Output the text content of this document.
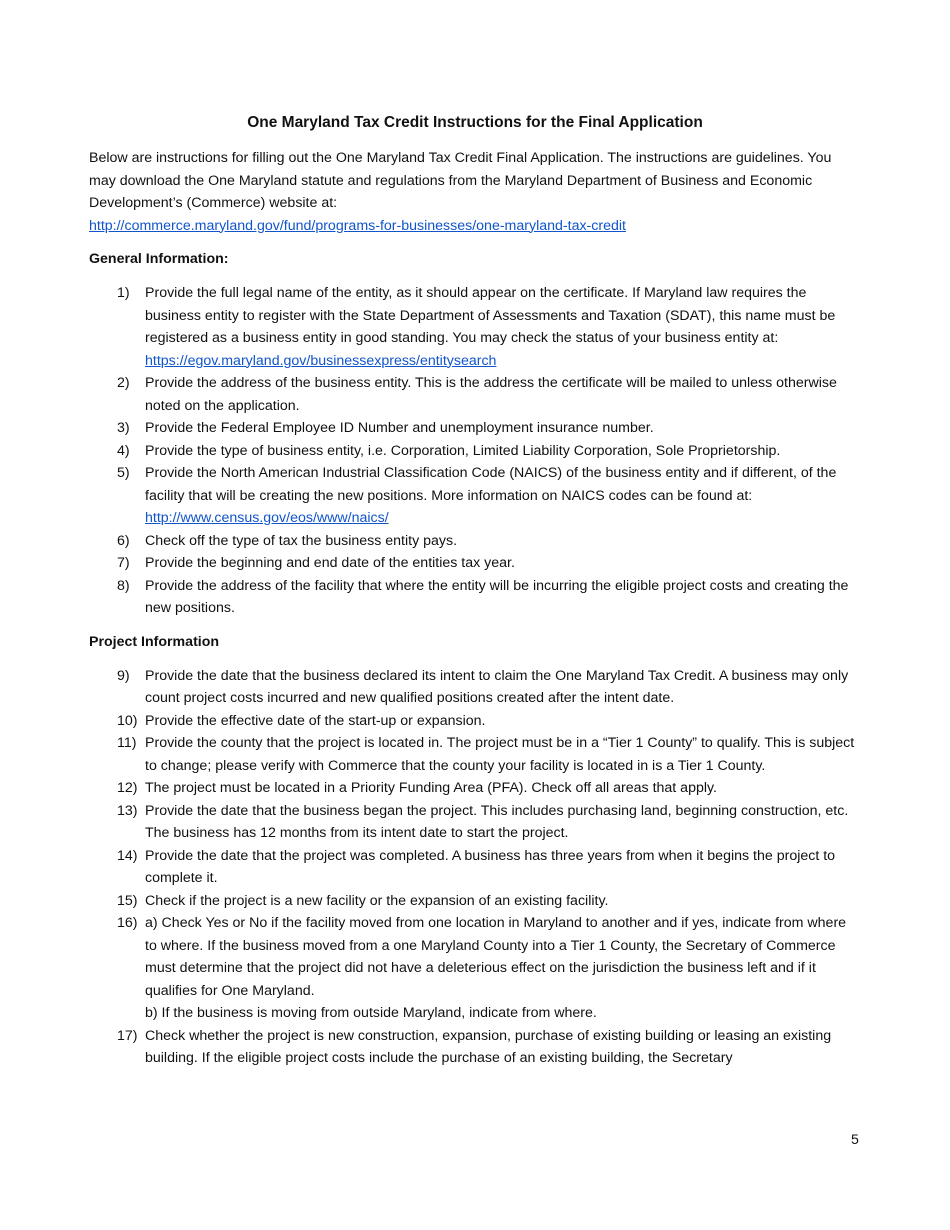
One Maryland Tax Credit Instructions for the Final Application

Below are instructions for filling out the One Maryland Tax Credit Final Application. The instructions are guidelines. You may download the One Maryland statute and regulations from the Maryland Department of Business and Economic Development’s (Commerce) website at:
http://commerce.maryland.gov/fund/programs-for-businesses/one-maryland-tax-credit

General Information:
1) Provide the full legal name of the entity, as it should appear on the certificate. If Maryland law requires the business entity to register with the State Department of Assessments and Taxation (SDAT), this name must be registered as a business entity in good standing. You may check the status of your business entity at: https://egov.maryland.gov/businessexpress/entitysearch
2) Provide the address of the business entity. This is the address the certificate will be mailed to unless otherwise noted on the application.
3) Provide the Federal Employee ID Number and unemployment insurance number.
4) Provide the type of business entity, i.e. Corporation, Limited Liability Corporation, Sole Proprietorship.
5) Provide the North American Industrial Classification Code (NAICS) of the business entity and if different, of the facility that will be creating the new positions. More information on NAICS codes can be found at: http://www.census.gov/eos/www/naics/
6) Check off the type of tax the business entity pays.
7) Provide the beginning and end date of the entities tax year.
8) Provide the address of the facility that where the entity will be incurring the eligible project costs and creating the new positions.
Project Information
9) Provide the date that the business declared its intent to claim the One Maryland Tax Credit. A business may only count project costs incurred and new qualified positions created after the intent date.
10) Provide the effective date of the start-up or expansion.
11) Provide the county that the project is located in. The project must be in a “Tier 1 County” to qualify. This is subject to change; please verify with Commerce that the county your facility is located in is a Tier 1 County.
12) The project must be located in a Priority Funding Area (PFA). Check off all areas that apply.
13) Provide the date that the business began the project. This includes purchasing land, beginning construction, etc. The business has 12 months from its intent date to start the project.
14) Provide the date that the project was completed. A business has three years from when it begins the project to complete it.
15) Check if the project is a new facility or the expansion of an existing facility.
16) a) Check Yes or No if the facility moved from one location in Maryland to another and if yes, indicate from where to where. If the business moved from a one Maryland County into a Tier 1 County, the Secretary of Commerce must determine that the project did not have a deleterious effect on the jurisdiction the business left and if it qualifies for One Maryland.
b) If the business is moving from outside Maryland, indicate from where.
17) Check whether the project is new construction, expansion, purchase of existing building or leasing an existing building. If the eligible project costs include the purchase of an existing building, the Secretary
5
